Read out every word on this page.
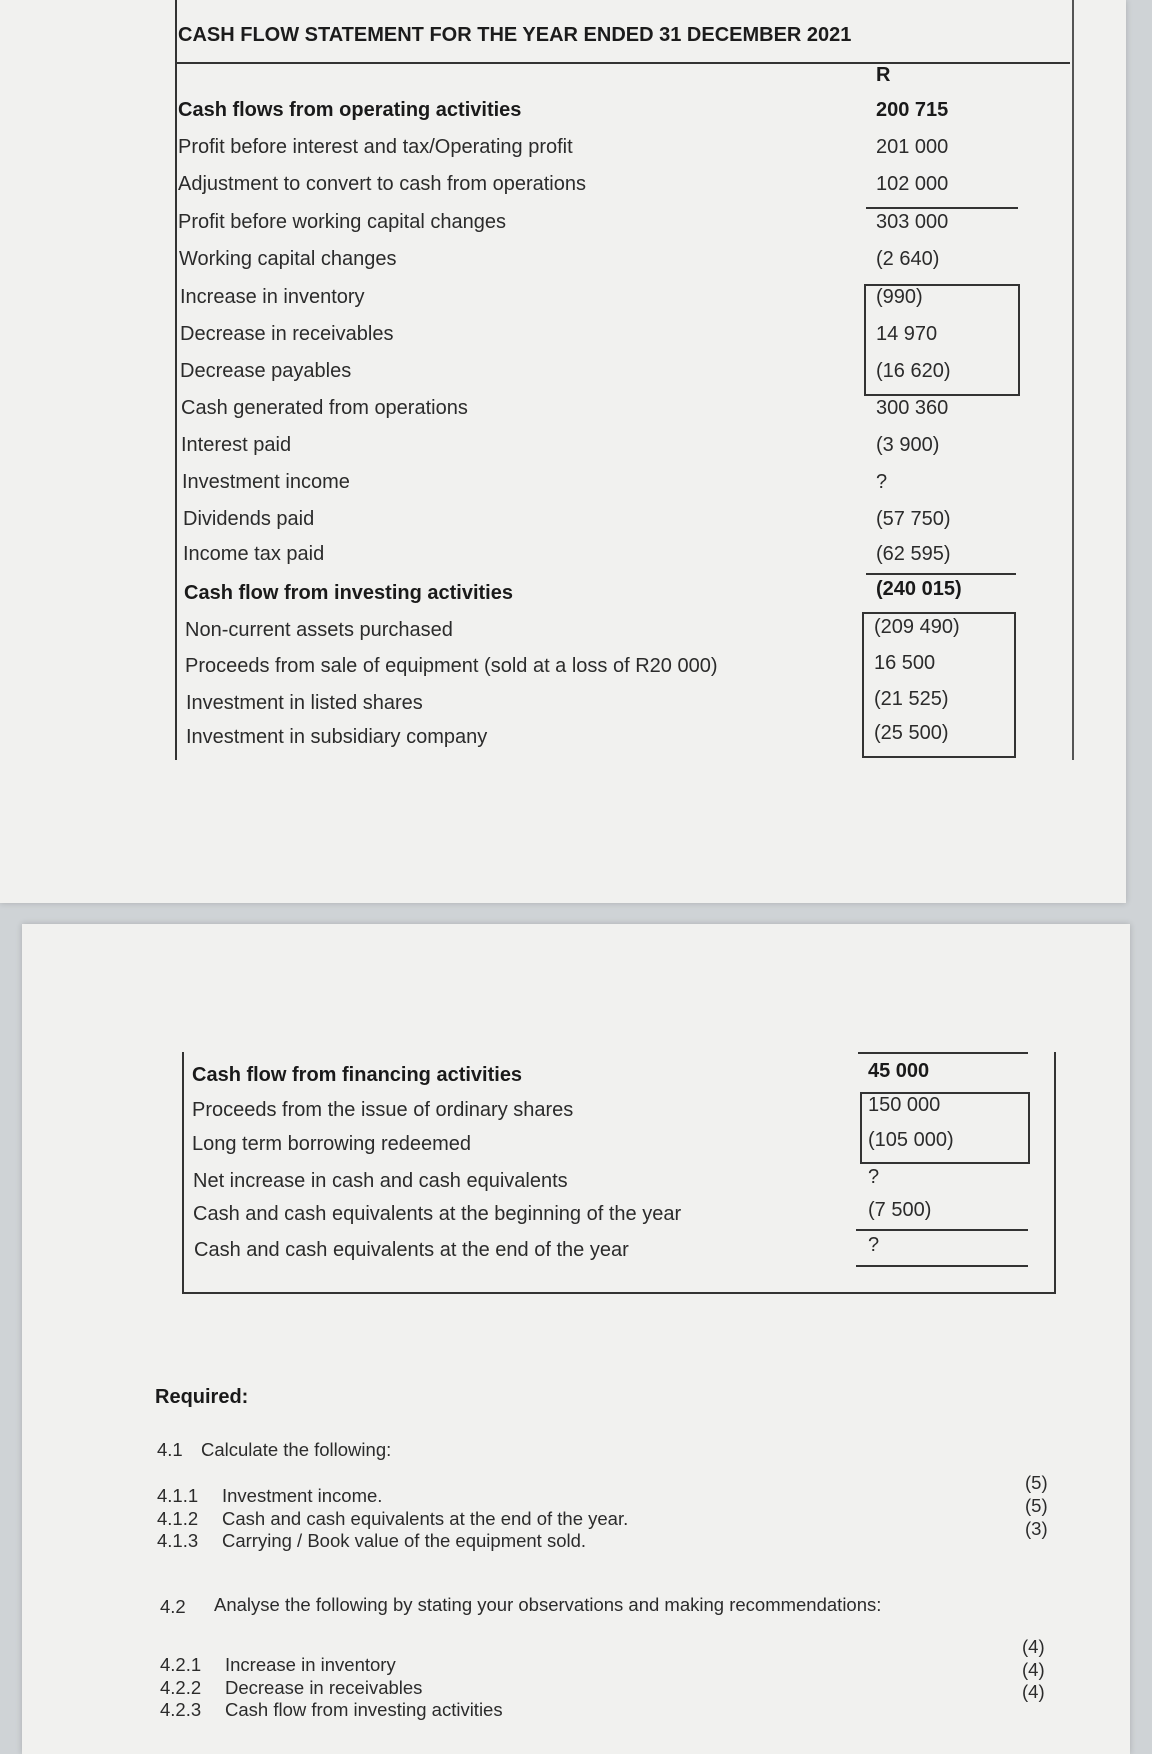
CASH FLOW STATEMENT FOR THE YEAR ENDED 31 DECEMBER 2021
R
Cash flows from operating activities	200 715
Profit before interest and tax/Operating profit	201 000
Adjustment to convert to cash from operations	102 000
Profit before working capital changes	303 000
Working capital changes	(2 640)
Increase in inventory	(990)
Decrease in receivables	14 970
Decrease payables	(16 620)
Cash generated from operations	300 360
Interest paid	(3 900)
Investment income	?
Dividends paid	(57 750)
Income tax paid	(62 595)
Cash flow from investing activities	(240 015)
Non-current assets purchased	(209 490)
Proceeds from sale of equipment (sold at a loss of R20 000)	16 500
Investment in listed shares	(21 525)
Investment in subsidiary company	(25 500)
Cash flow from financing activities	45 000
Proceeds from the issue of ordinary shares	150 000
Long term borrowing redeemed	(105 000)
Net increase in cash and cash equivalents	?
Cash and cash equivalents at the beginning of the year	(7 500)
Cash and cash equivalents at the end of the year	?
Required:
4.1 Calculate the following:
4.1.1 Investment income.
(5)
4.1.2 Cash and cash equivalents at the end of the year.
(5)
4.1.3 Carrying / Book value of the equipment sold.
(3)
4.2 Analyse the following by stating your observations and making recommendations:
4.2.1 Increase in inventory
(4)
4.2.2 Decrease in receivables
(4)
4.2.3 Cash flow from investing activities
(4)
